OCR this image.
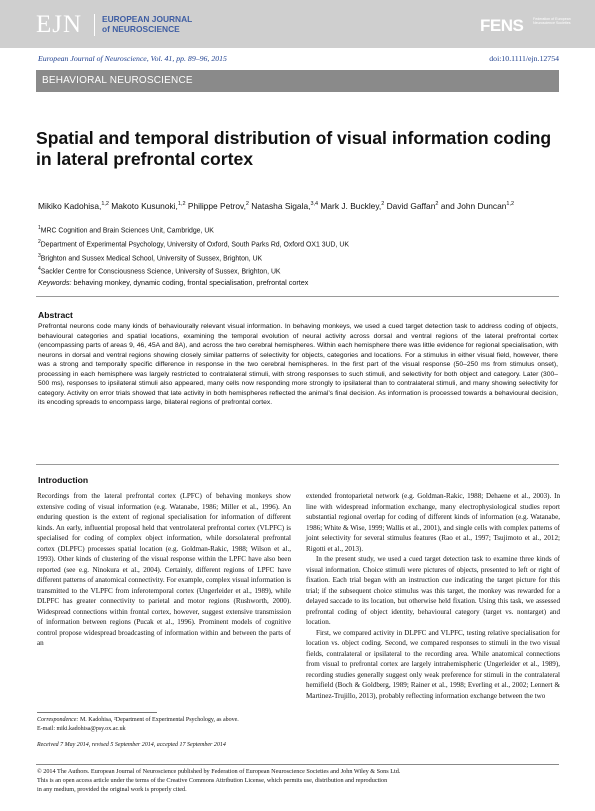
EJN EUROPEAN JOURNAL
of NEUROSCIENCE	FENS	Federation of European Neuroscience Societies
European Journal of Neuroscience, Vol. 41, pp. 89–96, 2015	doi:10.1111/ejn.12754
BEHAVIORAL NEUROSCIENCE
Spatial and temporal distribution of visual information coding in lateral prefrontal cortex
Mikiko Kadohisa,$^{1,2}$ Makoto Kusunoki,$^{1,2}$ Philippe Petrov,$^2$ Natasha Sigala,$^{3,4}$ Mark J. Buckley,$^2$ David Gaffan$^2$ and John Duncan$^{1,2}$
$^1$MRC Cognition and Brain Sciences Unit, Cambridge, UK
$^2$Department of Experimental Psychology, University of Oxford, South Parks Rd, Oxford OX1 3UD, UK
$^3$Brighton and Sussex Medical School, University of Sussex, Brighton, UK
$^4$Sackler Centre for Consciousness Science, University of Sussex, Brighton, UK
Keywords: behaving monkey, dynamic coding, frontal specialisation, prefrontal cortex
Abstract

Prefrontal neurons code many kinds of behaviourally relevant visual information. In behaving monkeys, we used a cued target detection task to address coding of objects, behavioural categories and spatial locations, examining the temporal evolution of neural activity across dorsal and ventral regions of the lateral prefrontal cortex (encompassing parts of areas 9, 46, 45A and 8A), and across the two cerebral hemispheres. Within each hemisphere there was little evidence for regional specialisation, with neurons in dorsal and ventral regions showing closely similar patterns of selectivity for objects, categories and locations. For a stimulus in either visual field, however, there was a strong and temporally specific difference in response in the two cerebral hemispheres. In the first part of the visual response (50–250 ms from stimulus onset), processing in each hemisphere was largely restricted to contralateral stimuli, with strong responses to such stimuli, and selectivity for both object and category. Later (300–500 ms), responses to ipsilateral stimuli also appeared, many cells now responding more strongly to ipsilateral than to contralateral stimuli, and many showing selectivity for category. Activity on error trials showed that late activity in both hemispheres reflected the animal’s final decision. As information is processed towards a behavioural decision, its encoding spreads to encompass large, bilateral regions of prefrontal cortex.

Introduction

Recordings from the lateral prefrontal cortex (LPFC) of behaving monkeys show extensive coding of visual information (e.g. Watanabe, 1986; Miller et al., 1996). An enduring question is the extent of regional specialisation for information of different kinds. An early, influential proposal held that ventrolateral prefrontal cortex (VLPFC) is specialised for coding of complex object information, while dorsolateral prefrontal cortex (DLPFC) processes spatial location (e.g. Goldman-Rakic, 1988; Wilson et al., 1993). Other kinds of clustering of the visual response within the LPFC have also been reported (see e.g. Ninokura et al., 2004). Certainly, different regions of LPFC have different patterns of anatomical connectivity. For example, complex visual information is transmitted to the VLPFC from inferotemporal cortex (Ungerleider et al., 1989), while DLPFC has greater connectivity to parietal and motor regions (Rushworth, 2000). Widespread connections within frontal cortex, however, suggest extensive transmission of information between regions (Pucak et al., 1996). Prominent models of cognitive control propose widespread broadcasting of information within and between the parts of an

extended frontoparietal network (e.g. Goldman-Rakic, 1988; Dehaene et al., 2003). In line with widespread information exchange, many electrophysiological studies report substantial regional overlap for coding of different kinds of information (e.g. Watanabe, 1986; White & Wise, 1999; Wallis et al., 2001), and single cells with complex patterns of joint selectivity for several stimulus features (Rao et al., 1997; Tsujimoto et al., 2012; Rigotti et al., 2013).

In the present study, we used a cued target detection task to examine three kinds of visual information. Choice stimuli were pictures of objects, presented to left or right of fixation. Each trial began with an instruction cue indicating the target picture for this trial; if the subsequent choice stimulus was this target, the monkey was rewarded for a delayed saccade to its location, but otherwise held fixation. Using this task, we assessed prefrontal coding of object identity, behavioural category (target vs. nontarget) and location.

First, we compared activity in DLPFC and VLPFC, testing relative specialisation for location vs. object coding. Second, we compared responses to stimuli in the two visual fields, contralateral or ipsilateral to the recording area. While anatomical connections from visual to prefrontal cortex are largely intrahemispheric (Ungerleider et al., 1989), recording studies generally suggest only weak preference for stimuli in the contralateral hemifield (Boch & Goldberg, 1989; Rainer et al., 1998; Everling et al., 2002; Lennert & Martinez-Trujillo, 2013), probably reflecting information exchange between the two

Correspondence: M. Kadohisa, ²Department of Experimental Psychology, as above.
E-mail: miki.kadohisa@psy.ox.ac.uk
Received 7 May 2014, revised 5 September 2014, accepted 17 September 2014
© 2014 The Authors. European Journal of Neuroscience published by Federation of European Neuroscience Societies and John Wiley & Sons Ltd.
This is an open access article under the terms of the Creative Commons Attribution License, which permits use, distribution and reproduction
in any medium, provided the original work is properly cited.
